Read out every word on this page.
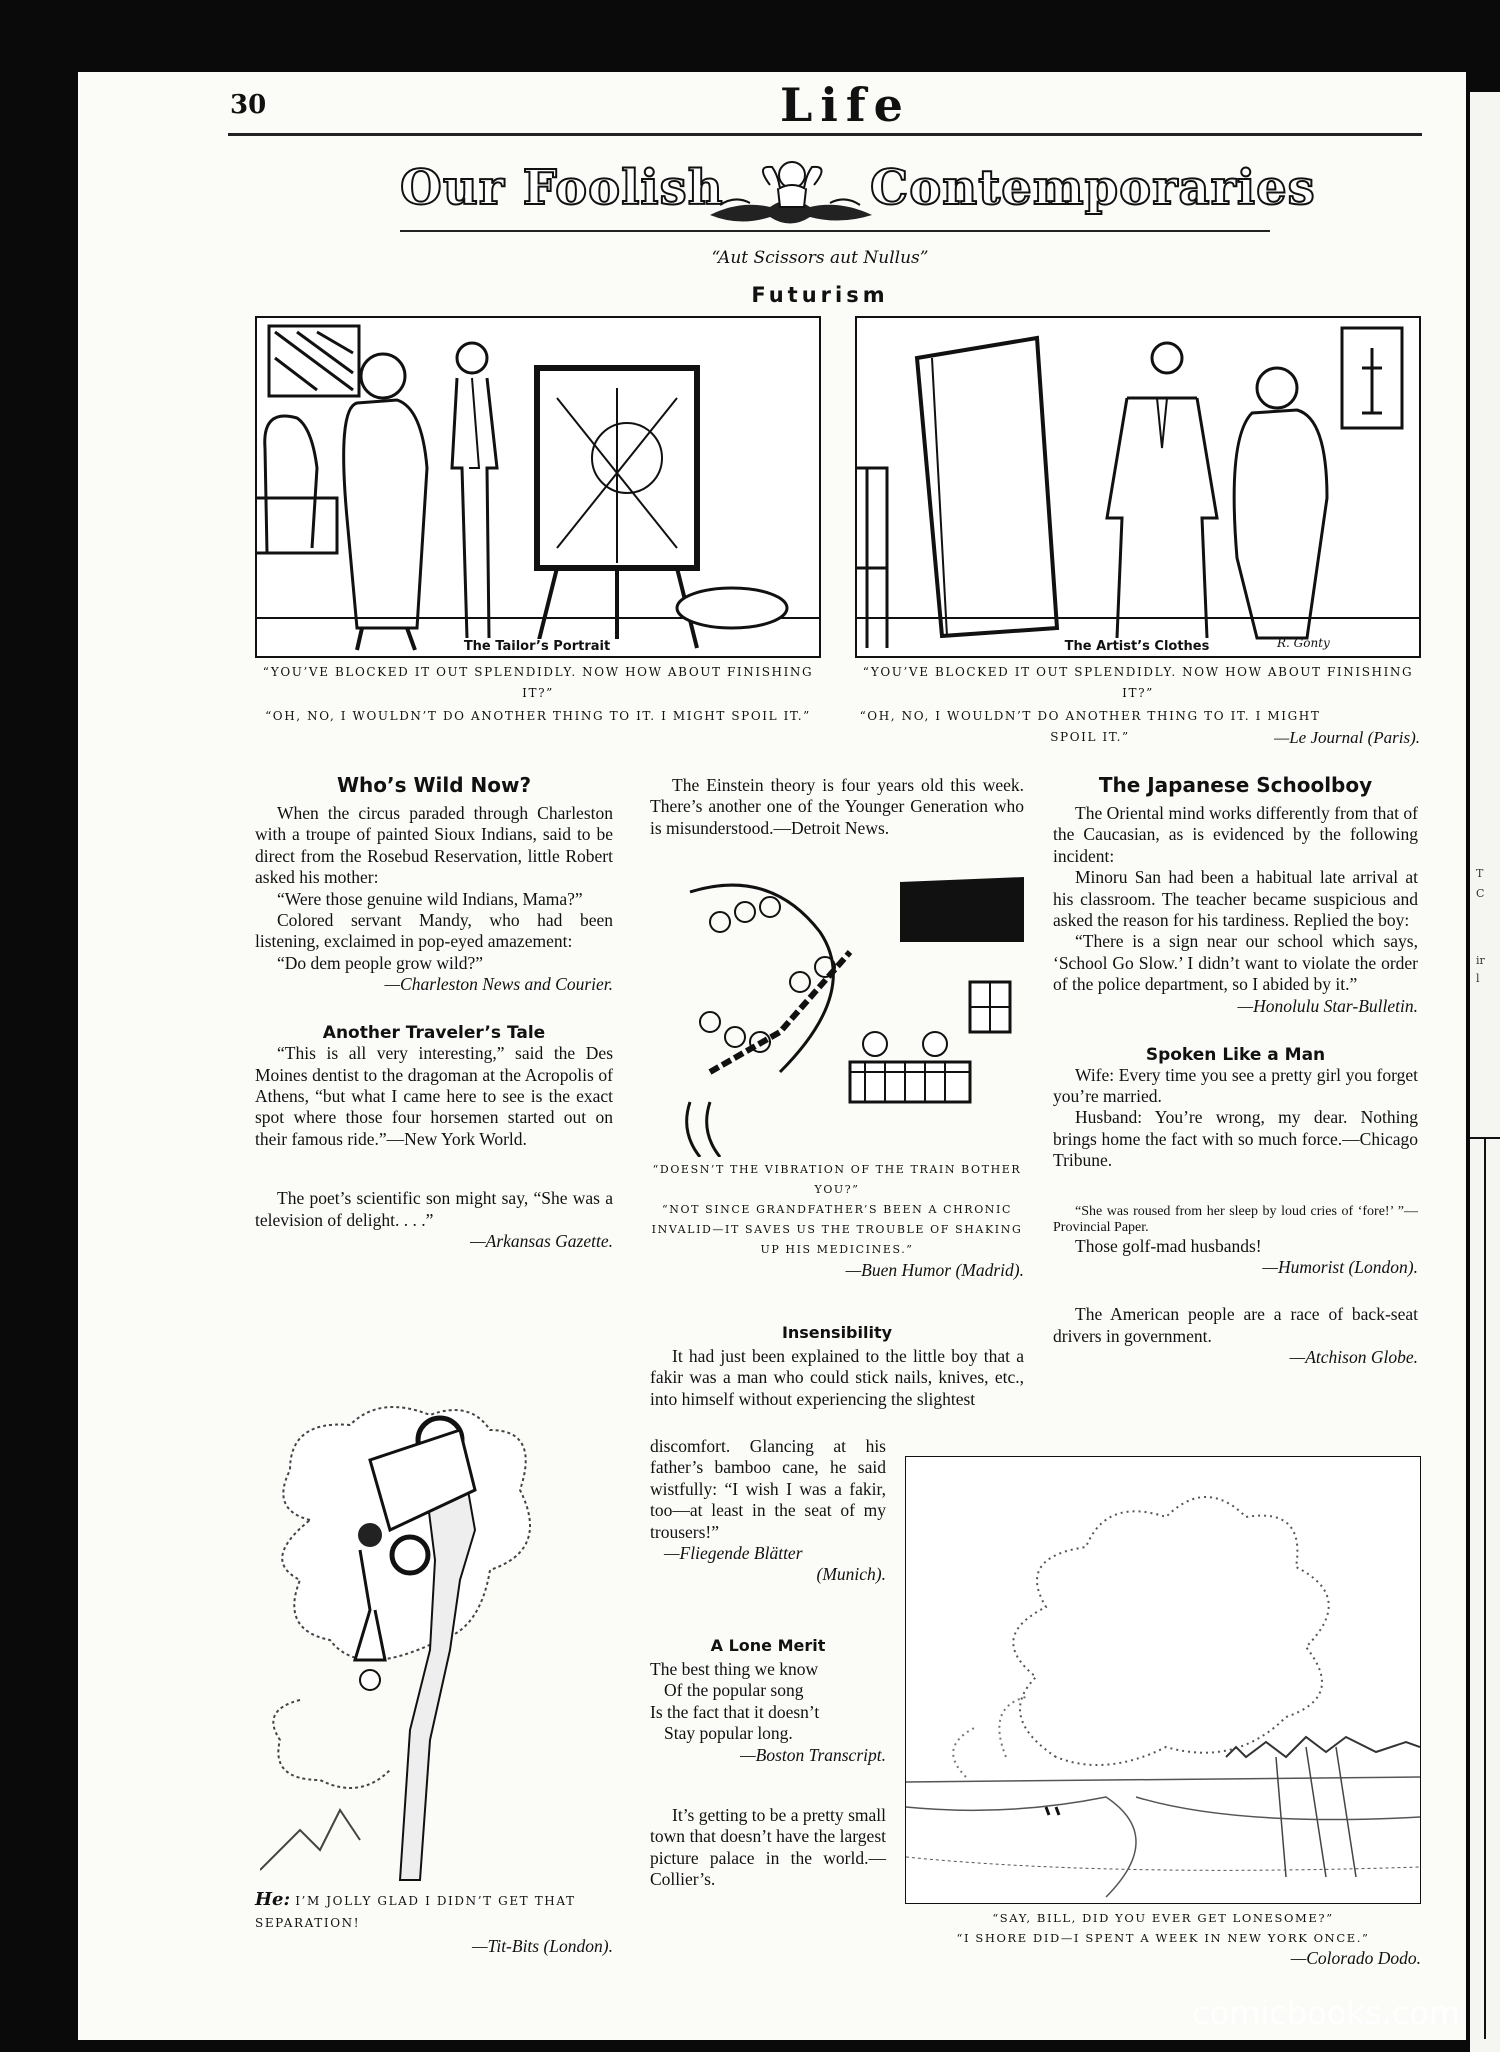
T
C
ir
l
30	Life
Our Foolish	Contemporaries
“Aut Scissors aut Nullus”
Futurism
The Tailor’s Portrait
“YOU’VE BLOCKED IT OUT SPLENDIDLY. NOW HOW ABOUT FINISHING IT?”
“OH, NO, I WOULDN’T DO ANOTHER THING TO IT. I MIGHT SPOIL IT.”
The Artist’s Clothes	R. Gonty
“YOU’VE BLOCKED IT OUT SPLENDIDLY. NOW HOW ABOUT FINISHING IT?”
“OH, NO, I WOULDN’T DO ANOTHER THING TO IT. I MIGHT SPOIL IT.”	—Le Journal (Paris).
Who’s Wild Now?
When the circus paraded through Charleston with a troupe of painted Sioux Indians, said to be direct from the Rosebud Reservation, little Robert asked his mother:
“Were those genuine wild Indians, Mama?”
Colored servant Mandy, who had been listening, exclaimed in pop-eyed amazement:
“Do dem people grow wild?”
—Charleston News and Courier.
Another Traveler’s Tale
“This is all very interesting,” said the Des Moines dentist to the dragoman at the Acropolis of Athens, “but what I came here to see is the exact spot where those four horsemen started out on their famous ride.”—New York World.
The poet’s scientific son might say, “She was a television of delight. . . .”
—Arkansas Gazette.
He: I’M JOLLY GLAD I DIDN’T GET THAT SEPARATION!
—Tit-Bits (London).
The Einstein theory is four years old this week. There’s another one of the Younger Generation who is misunderstood.—Detroit News.
“DOESN’T THE VIBRATION OF THE TRAIN BOTHER YOU?”
“NOT SINCE GRANDFATHER’S BEEN A CHRONIC INVALID—IT SAVES US THE TROUBLE OF SHAKING UP HIS MEDICINES.”
—Buen Humor (Madrid).
Insensibility
It had just been explained to the little boy that a fakir was a man who could stick nails, knives, etc., into himself without experiencing the slightest
discomfort. Glancing at his father’s bamboo cane, he said wistfully: “I wish I was a fakir, too—at least in the seat of my trousers!”
—Fliegende Blätter
(Munich).
A Lone Merit
The best thing we know
Of the popular song
Is the fact that it doesn’t
Stay popular long.
—Boston Transcript.
It’s getting to be a pretty small town that doesn’t have the largest picture palace in the world.—Collier’s.
The Japanese Schoolboy
The Oriental mind works differently from that of the Caucasian, as is evidenced by the following incident:
Minoru San had been a habitual late arrival at his classroom. The teacher became suspicious and asked the reason for his tardiness. Replied the boy:
“There is a sign near our school which says, ‘School Go Slow.’ I didn’t want to violate the order of the police department, so I abided by it.”
—Honolulu Star-Bulletin.
Spoken Like a Man
Wife: Every time you see a pretty girl you forget you’re married.
Husband: You’re wrong, my dear. Nothing brings home the fact with so much force.—Chicago Tribune.
“She was roused from her sleep by loud cries of ‘fore!’ ”—Provincial Paper.
Those golf-mad husbands!
—Humorist (London).
The American people are a race of back-seat drivers in government.
—Atchison Globe.
“SAY, BILL, DID YOU EVER GET LONESOME?”
“I SHORE DID—I SPENT A WEEK IN NEW YORK ONCE.”
—Colorado Dodo.
comicbooks.com
